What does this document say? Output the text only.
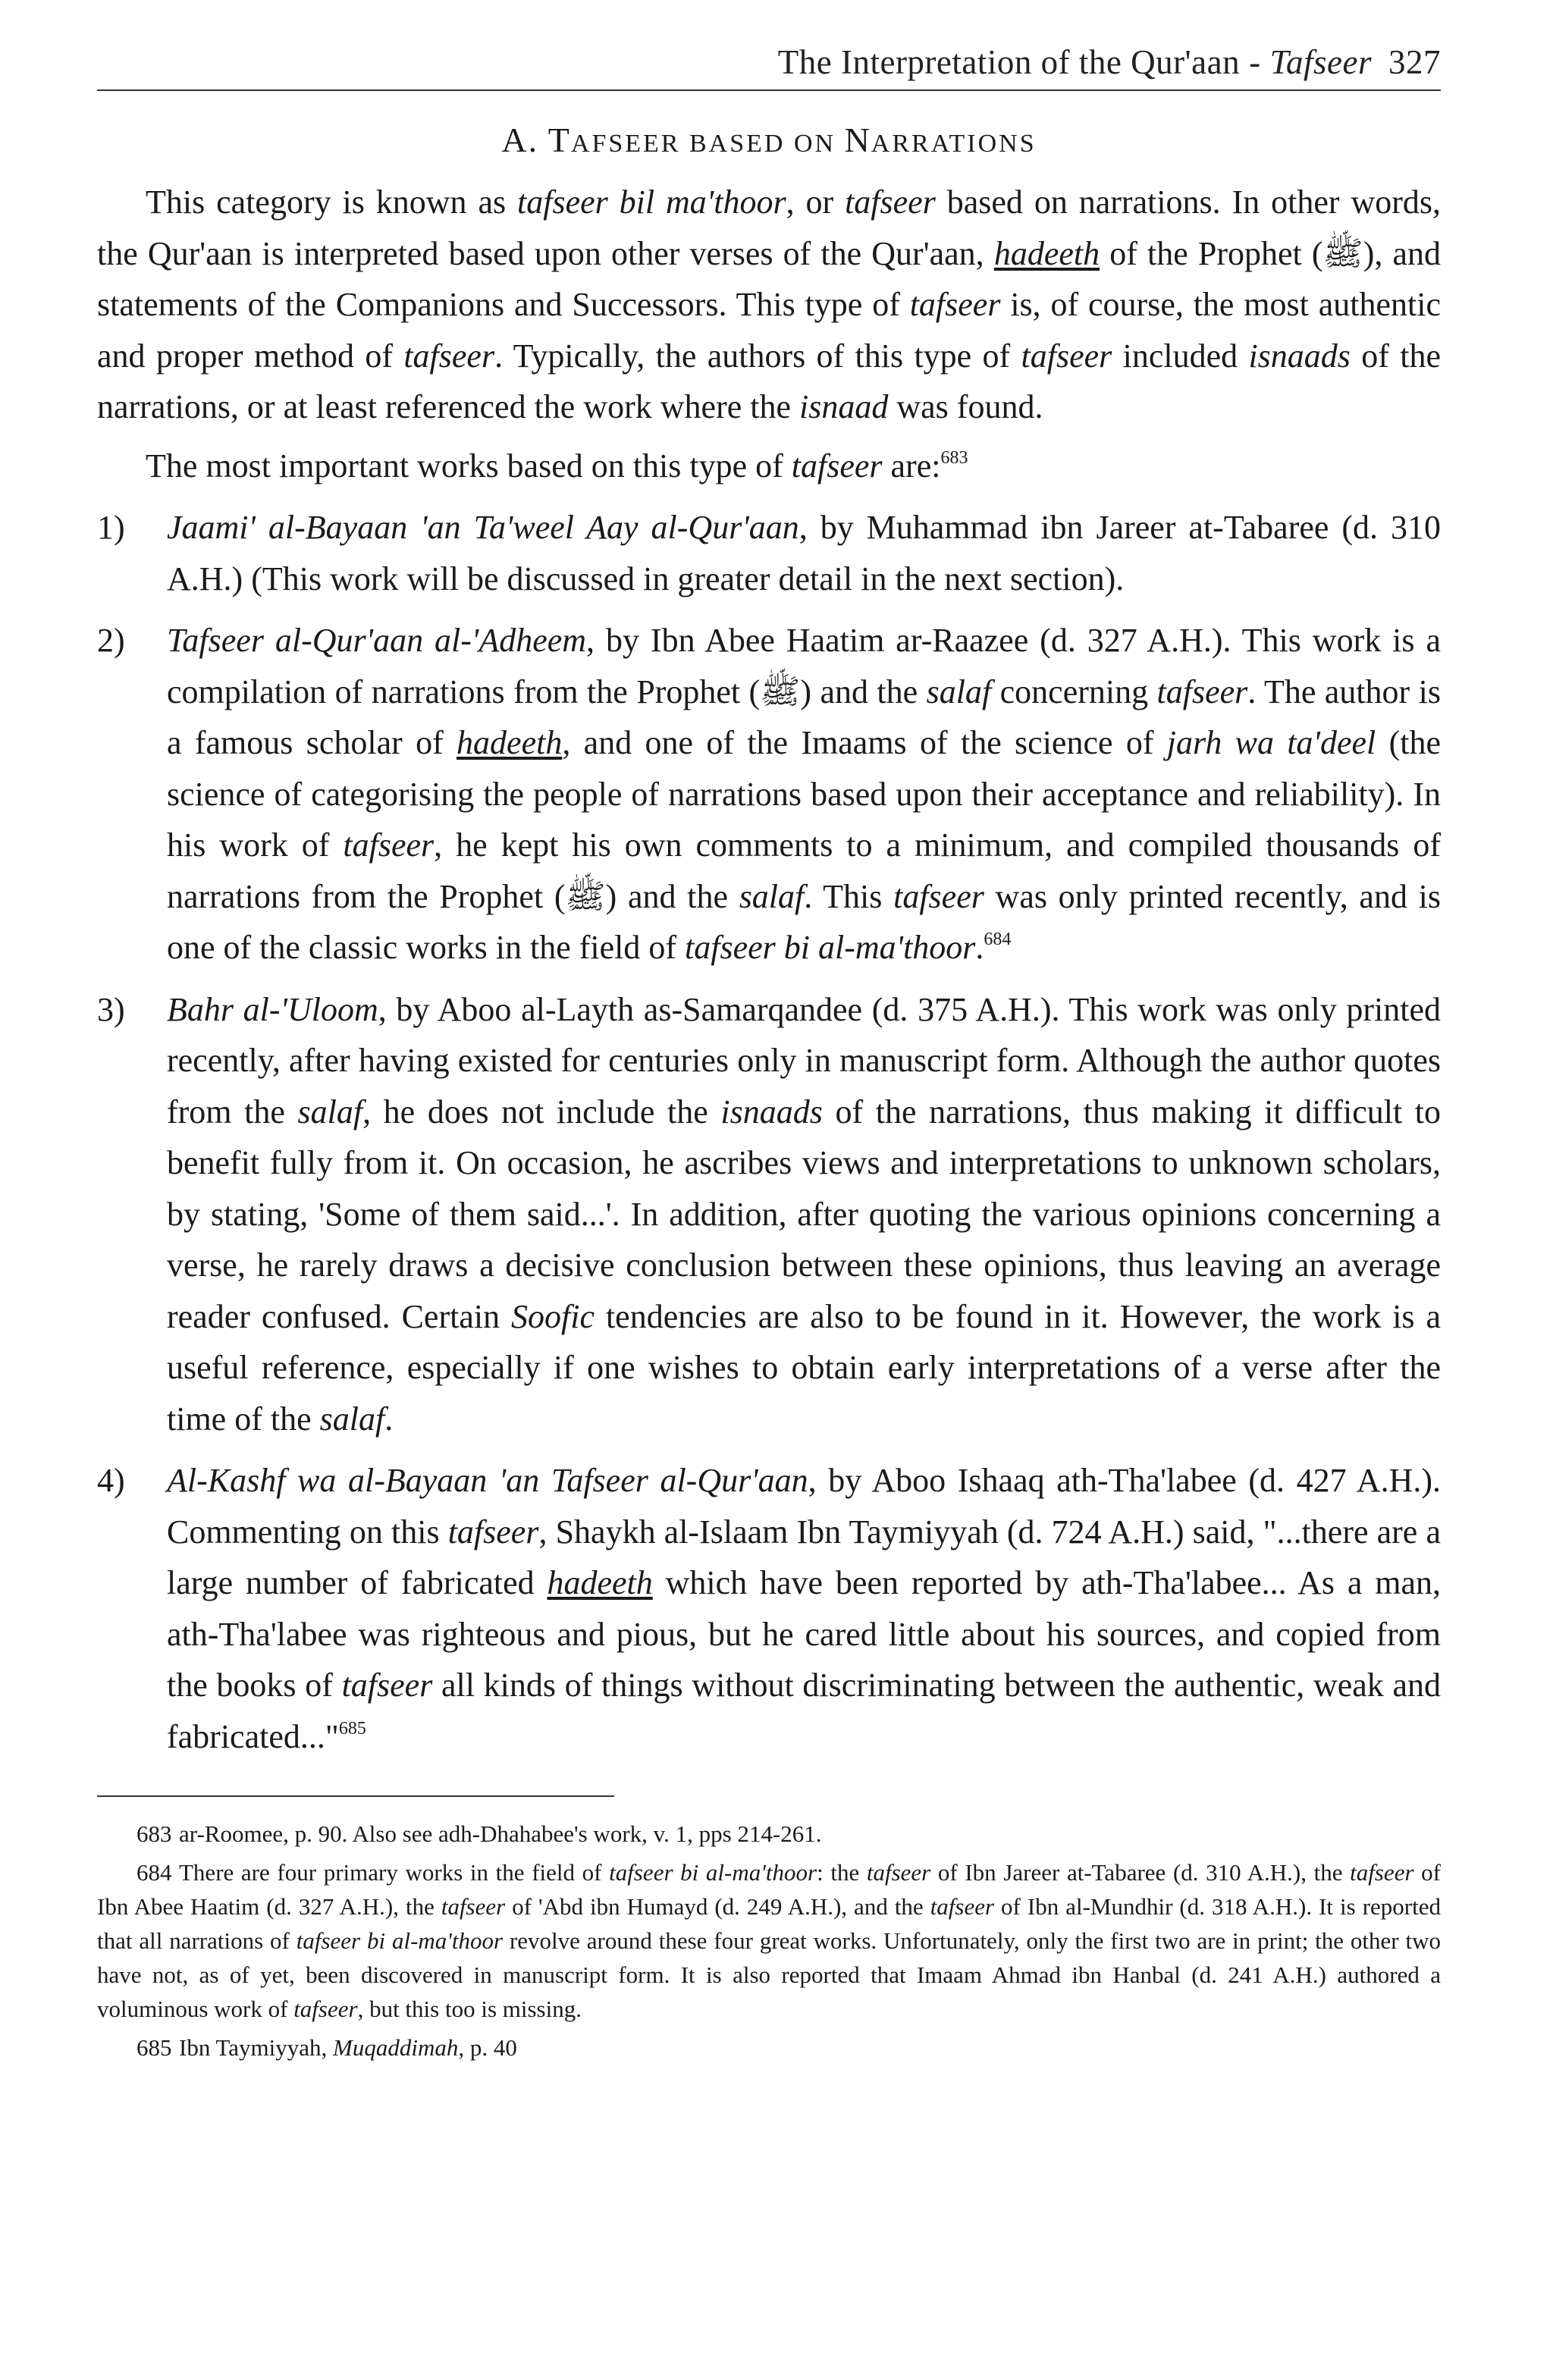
The Interpretation of the Qur'aan - Tafseer 327
A. TAFSEER BASED ON NARRATIONS

This category is known as tafseer bil ma'thoor, or tafseer based on narrations. In other words, the Qur'aan is interpreted based upon other verses of the Qur'aan, hadeeth of the Prophet (ﷺ), and statements of the Companions and Successors. This type of tafseer is, of course, the most authentic and proper method of tafseer. Typically, the authors of this type of tafseer included isnaads of the narrations, or at least referenced the work where the isnaad was found.

The most important works based on this type of tafseer are:$^{683}$

1)	Jaami' al-Bayaan 'an Ta'weel Aay al-Qur'aan, by Muhammad ibn Jareer at-Tabaree (d. 310 A.H.) (This work will be discussed in greater detail in the next section).
2)	Tafseer al-Qur'aan al-'Adheem, by Ibn Abee Haatim ar-Raazee (d. 327 A.H.). This work is a compilation of narrations from the Prophet (ﷺ) and the salaf concerning tafseer. The author is a famous scholar of hadeeth, and one of the Imaams of the science of jarh wa ta'deel (the science of categorising the people of narrations based upon their acceptance and reliability). In his work of tafseer, he kept his own comments to a minimum, and compiled thousands of narrations from the Prophet (ﷺ) and the salaf. This tafseer was only printed recently, and is one of the classic works in the field of tafseer bi al-ma'thoor.$^{684}$
3)	Bahr al-'Uloom, by Aboo al-Layth as-Samarqandee (d. 375 A.H.). This work was only printed recently, after having existed for centuries only in manuscript form. Although the author quotes from the salaf, he does not include the isnaads of the narrations, thus making it difficult to benefit fully from it. On occasion, he ascribes views and interpretations to unknown scholars, by stating, 'Some of them said...'. In addition, after quoting the various opinions concerning a verse, he rarely draws a decisive conclusion between these opinions, thus leaving an average reader confused. Certain Soofic tendencies are also to be found in it. However, the work is a useful reference, especially if one wishes to obtain early interpretations of a verse after the time of the salaf.
4)	Al-Kashf wa al-Bayaan 'an Tafseer al-Qur'aan, by Aboo Ishaaq ath-Tha'labee (d. 427 A.H.). Commenting on this tafseer, Shaykh al-Islaam Ibn Taymiyyah (d. 724 A.H.) said, "...there are a large number of fabricated hadeeth which have been reported by ath-Tha'labee... As a man, ath-Tha'labee was righteous and pious, but he cared little about his sources, and copied from the books of tafseer all kinds of things without discriminating between the authentic, weak and fabricated..."$^{685}$
683 ar-Roomee, p. 90. Also see adh-Dhahabee's work, v. 1, pps 214-261.
684 There are four primary works in the field of tafseer bi al-ma'thoor: the tafseer of Ibn Jareer at-Tabaree (d. 310 A.H.), the tafseer of Ibn Abee Haatim (d. 327 A.H.), the tafseer of 'Abd ibn Humayd (d. 249 A.H.), and the tafseer of Ibn al-Mundhir (d. 318 A.H.). It is reported that all narrations of tafseer bi al-ma'thoor revolve around these four great works. Unfortunately, only the first two are in print; the other two have not, as of yet, been discovered in manuscript form. It is also reported that Imaam Ahmad ibn Hanbal (d. 241 A.H.) authored a voluminous work of tafseer, but this too is missing.
685 Ibn Taymiyyah, Muqaddimah, p. 40
